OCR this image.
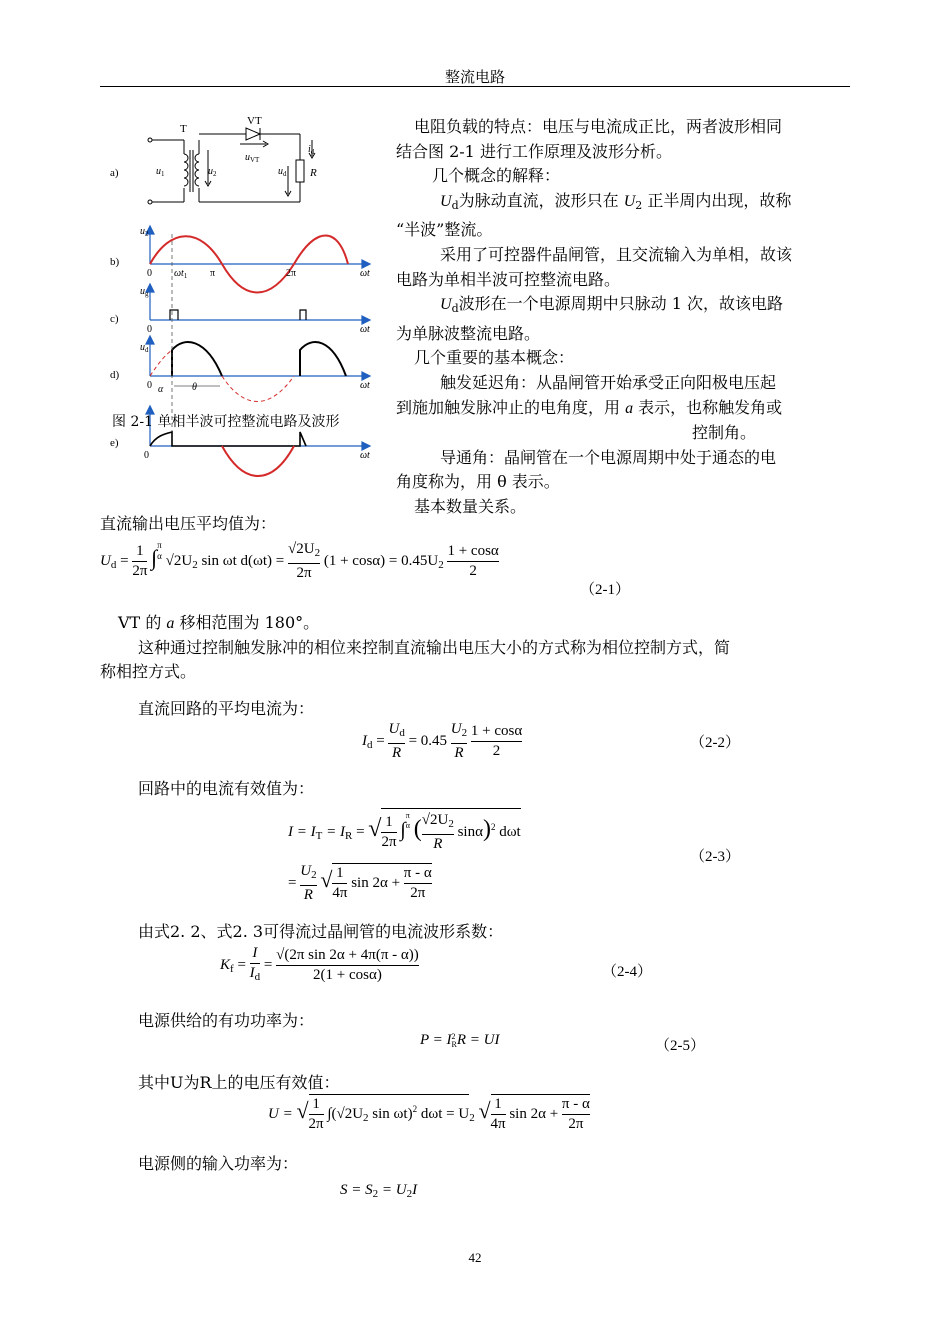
整流电路
a)
b)
c)
d)
e)
T
VT
$u_{VT}$
$u_1$	$u_2$	$u_d$
$i_d$
R
$u_2$
0 $\omega t_1$ π	2π	ωt
$u_g$
0	ωt
$u_d$
0 α	θ	ωt
0	ωt
图 2-1 单相半波可控整流电路及波形
电阻负载的特点：电压与电流成正比，两者波形相同
结合图 2-1 进行工作原理及波形分析。
几个概念的解释：
$U_d$为脉动直流，波形只在 $U_2$ 正半周内出现，故称
“半波”整流。
采用了可控器件晶闸管，且交流输入为单相，故该
电路为单相半波可控整流电路。
$U_d$波形在一个电源周期中只脉动 1 次，故该电路
为单脉波整流电路。
几个重要的基本概念：
触发延迟角：从晶闸管开始承受正向阳极电压起
到施加触发脉冲止的电角度，用 a 表示，也称触发角或
控制角。
导通角：晶闸管在一个电源周期中处于通态的电
角度称为，用 θ 表示。
基本数量关系。
直流输出电压平均值为：
$U_d = \frac{1}{2\pi} \int\pi$
α $√2U_2$ sin ωt $d(\omega t) = \frac{√2U_2}{2\pi} (1 + \cos\alpha) = 0.45U_2 \frac{1 + \cos\alpha}{2}$
（2-1）
VT 的 a 移相范围为 180°。
这种通过控制触发脉冲的相位来控制直流输出电压大小的方式称为相位控制方式，简
称相控方式。
直流回路的平均电流为：
$I_d = \frac{U_d}{R} = 0.45 \frac{U_2}{R}$
$\frac{1 + \cos\alpha}{2}$	（2-2）
回路中的电流有效值为：
$I = I_T = I_R$ = √ $\frac{1}{2\pi} \int\pi$
α ( $\frac{√2U_2}{R} \sin\alpha)^2$ dωt
= $\frac{U_2}{R}$ √ $\frac{1}{4\pi}$ $\sin 2\alpha + \frac{\pi - \alpha}{2\pi}$
（2-3）
由式2. 2、式2. 3可得流过晶闸管的电流波形系数：
$K_f = \frac{I}{I_d} = \frac{\text{√(2π sin 2α + 4π(π - α))}}{2(1 + \cos\alpha)}$	（2-4）
电源供给的有功功率为：
P = I2
RR = UI	（2-5）
其中U为R上的电压有效值：
U = √ $\frac{1}{2\pi} \int(√2U_2$ sin ωt)$^2$ $d\omega t = U_2$ √ $\frac{1}{4\pi}$ $\sin 2\alpha + \frac{\pi - \alpha}{2\pi}$
电源侧的输入功率为：
$S = S_2 = U_2I$
42
